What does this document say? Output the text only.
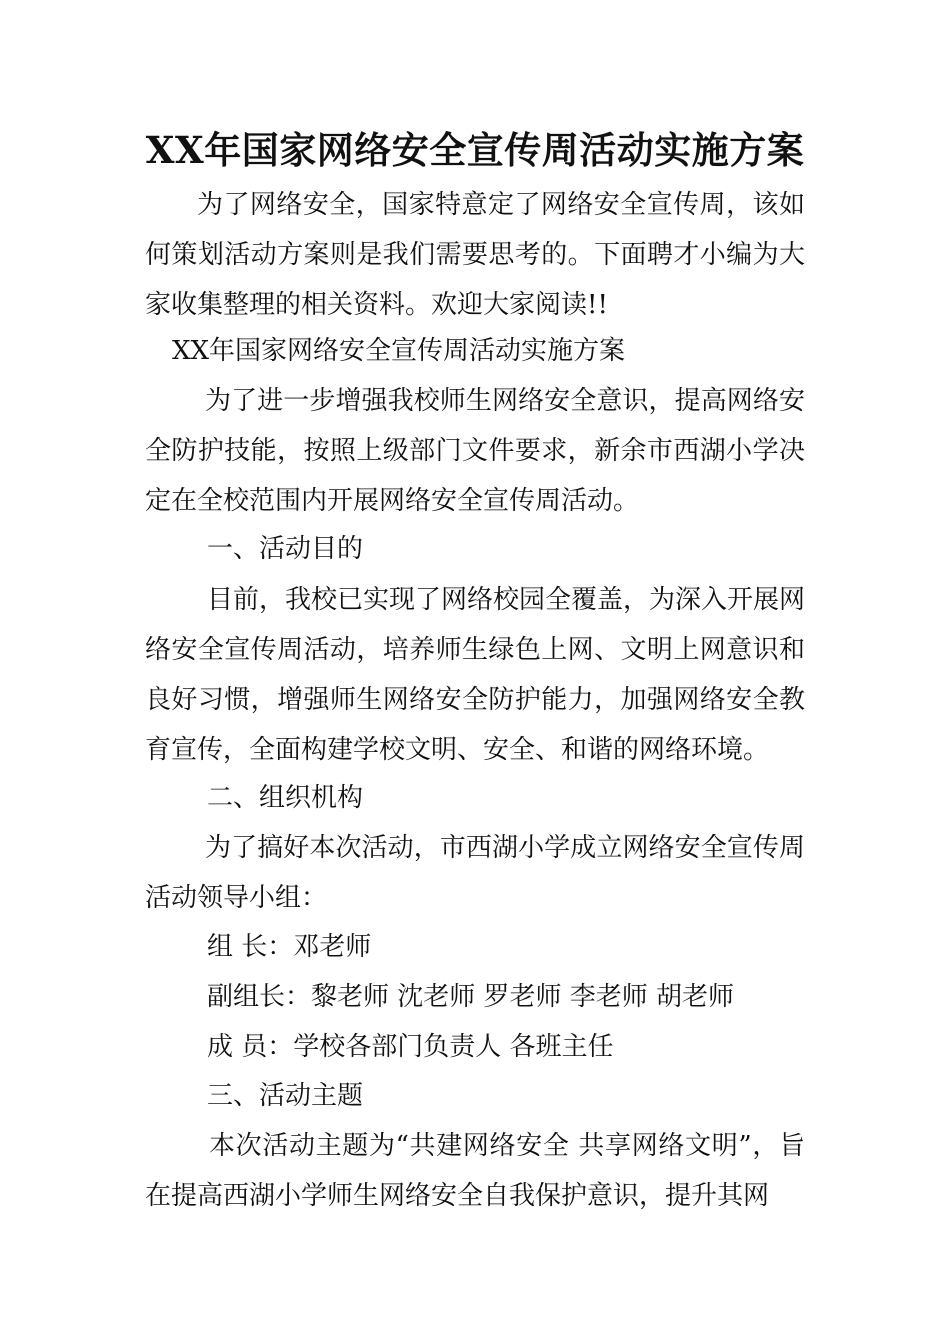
XX年国家网络安全宣传周活动实施方案
为了网络安全，国家特意定了网络安全宣传周，该如何策划活动方案则是我们需要思考的。下面聘才小编为大家收集整理的相关资料。欢迎大家阅读!!
XX年国家网络安全宣传周活动实施方案
为了进一步增强我校师生网络安全意识，提高网络安全防护技能，按照上级部门文件要求，新余市西湖小学决定在全校范围内开展网络安全宣传周活动。
一、活动目的
目前，我校已实现了网络校园全覆盖，为深入开展网络安全宣传周活动，培养师生绿色上网、文明上网意识和良好习惯，增强师生网络安全防护能力，加强网络安全教育宣传，全面构建学校文明、安全、和谐的网络环境。
二、组织机构
为了搞好本次活动，市西湖小学成立网络安全宣传周活动领导小组：
组 长：邓老师
副组长：黎老师 沈老师 罗老师 李老师 胡老师
成 员：学校各部门负责人 各班主任
三、活动主题
本次活动主题为“共建网络安全 共享网络文明”，旨在提高西湖小学师生网络安全自我保护意识，提升其网
